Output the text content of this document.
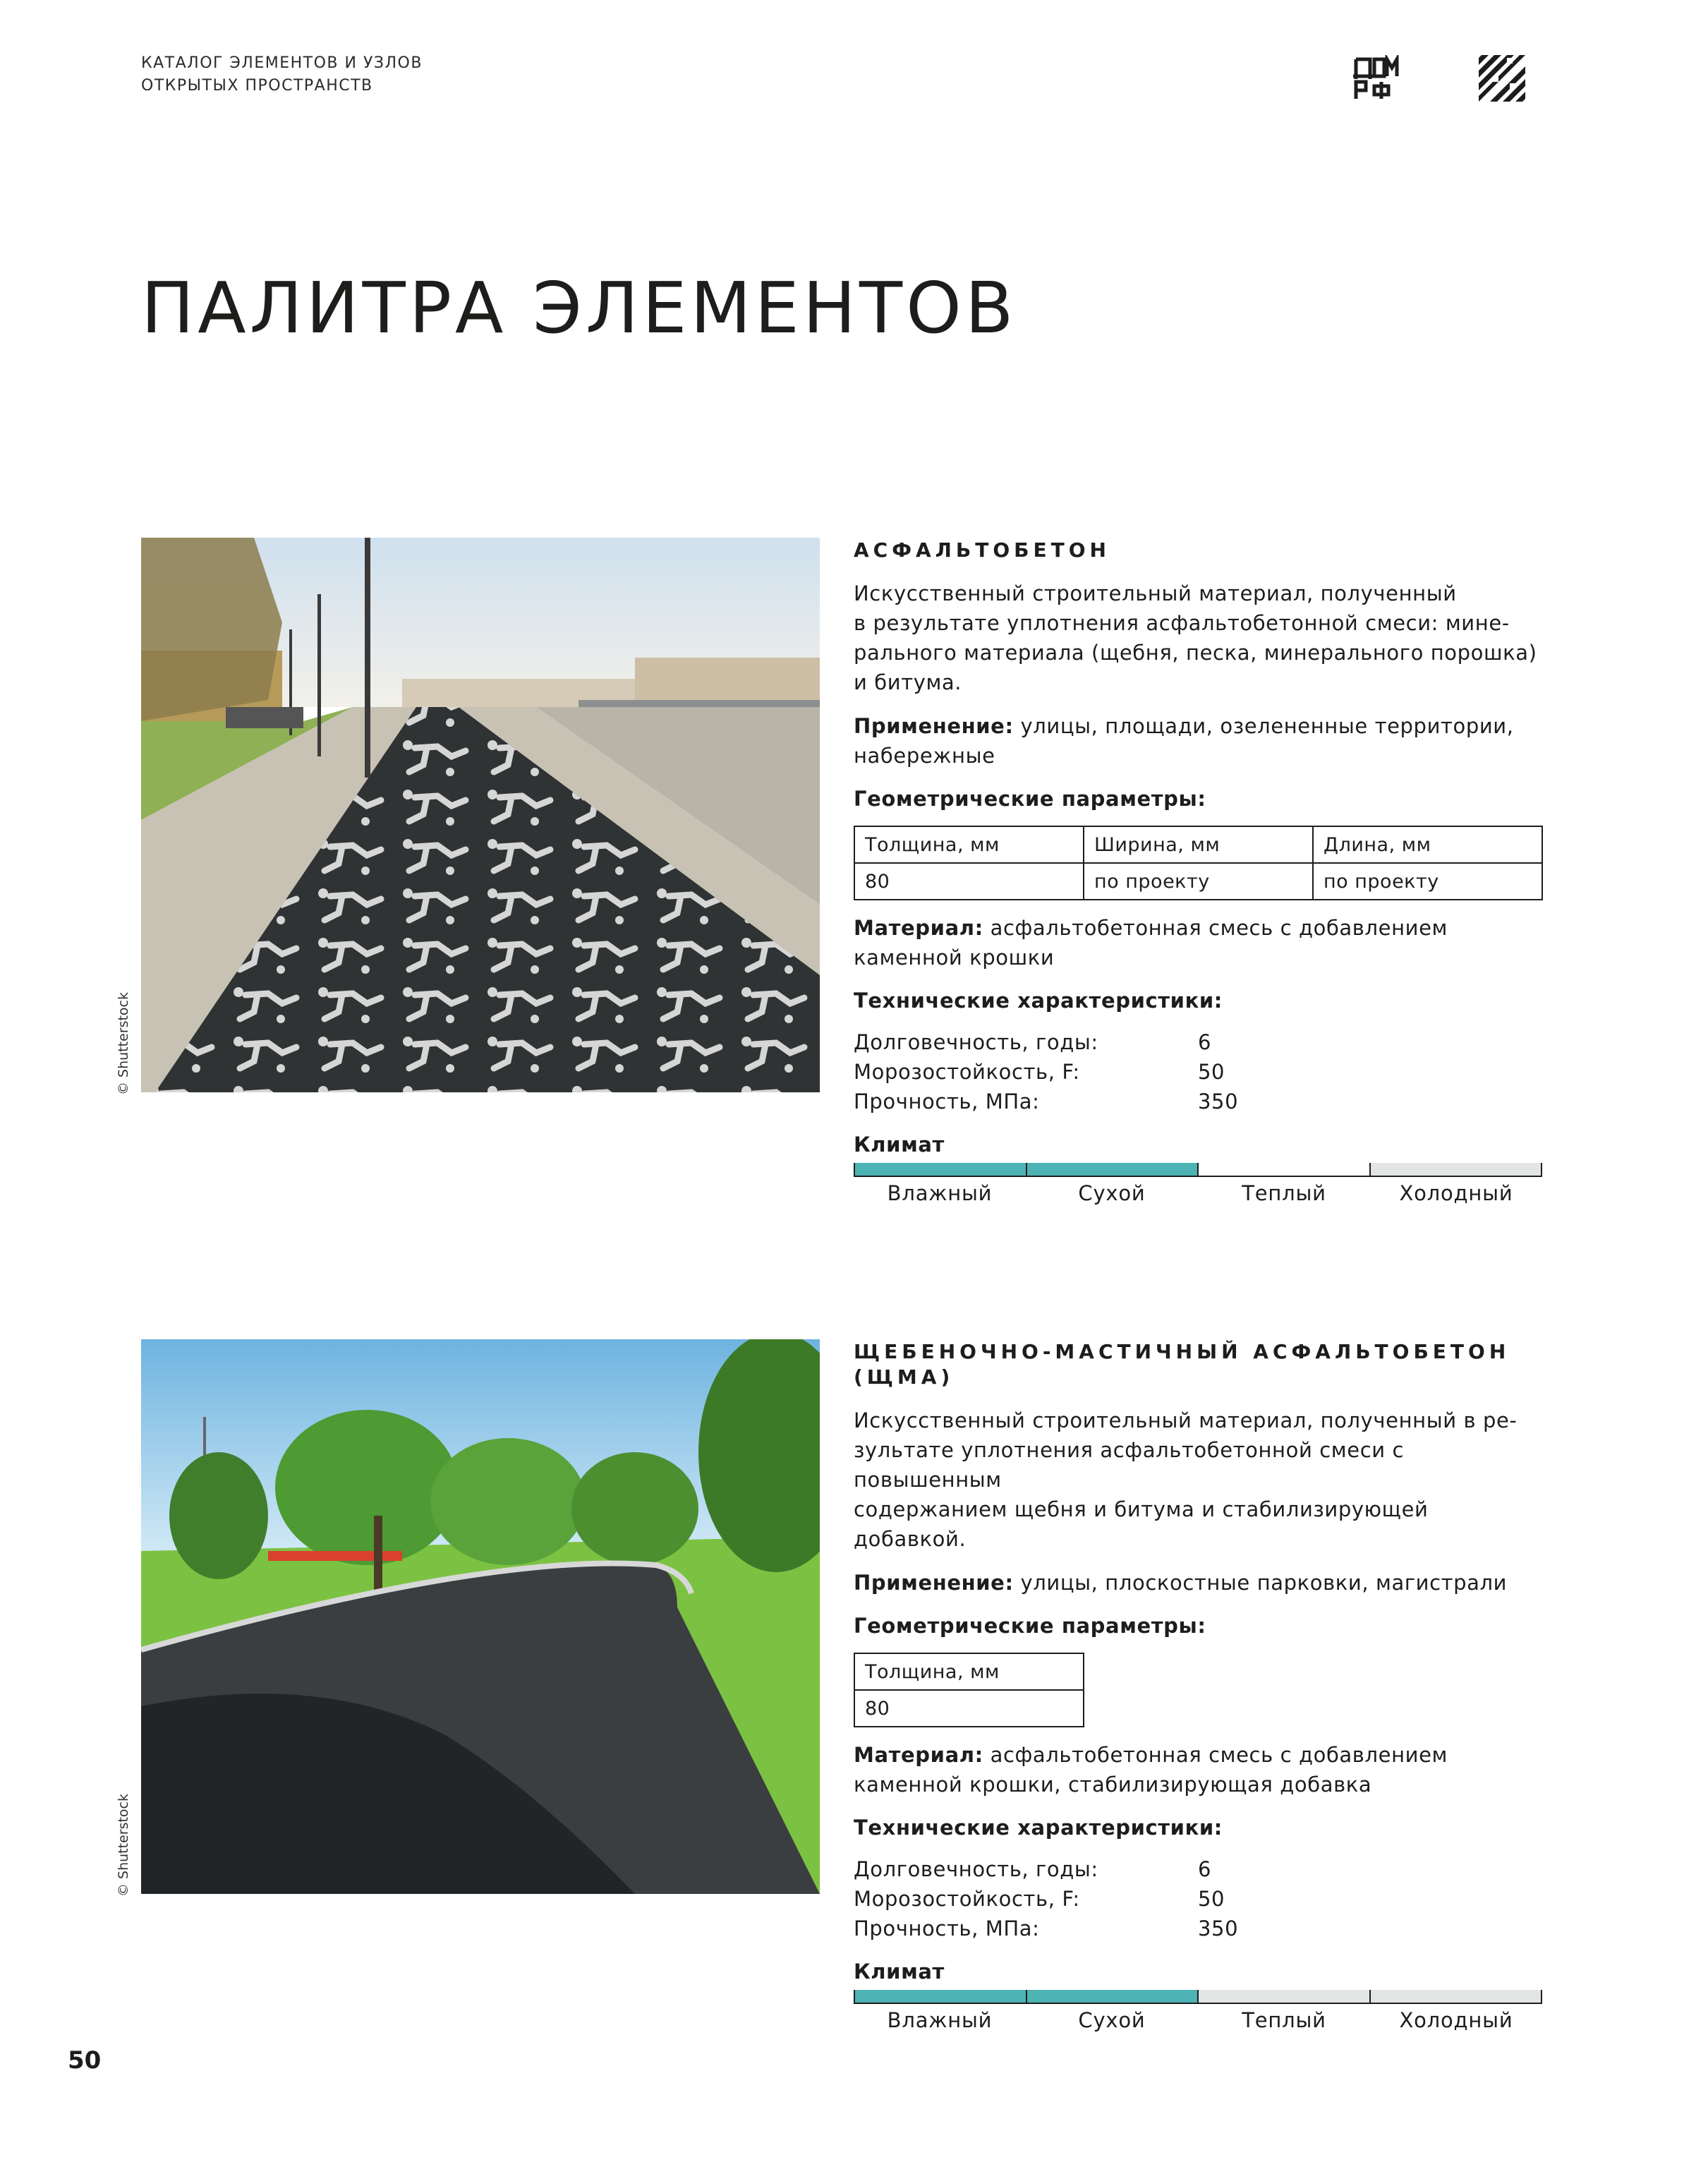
КАТАЛОГ ЭЛЕМЕНТОВ И УЗЛОВ
ОТКРЫТЫХ ПРОСТРАНСТВ
ПАЛИТРА ЭЛЕМЕНТОВ
© Shutterstock
АСФАЛЬТОБЕТОН

Искусственный строительный материал, полученный
в результате уплотнения асфальтобетонной смеси: мине-
рального материала (щебня, песка, минерального порошка)
и битума.

Применение: улицы, площади, озелененные территории,
набережные

Геометрические параметры:
Толщина, мм	Ширина, мм	Длина, мм
80	по проекту	по проекту

Материал: асфальтобетонная смесь с добавлением
каменной крошки

Технические характеристики:
Долговечность, годы:	6
Морозостойкость, F:	50
Прочность, МПа:	350
Климат
Влажный	Сухой	Теплый	Холодный
© Shutterstock
ЩЕБЕНОЧНО-МАСТИЧНЫЙ АСФАЛЬТОБЕТОН (ЩМА)

Искусственный строительный материал, полученный в ре-
зультате уплотнения асфальтобетонной смеси с повышенным
содержанием щебня и битума и стабилизирующей добавкой.

Применение: улицы, плоскостные парковки, магистрали

Геометрические параметры:
Толщина, мм
80

Материал: асфальтобетонная смесь с добавлением
каменной крошки, стабилизирующая добавка

Технические характеристики:
Долговечность, годы:	6
Морозостойкость, F:	50
Прочность, МПа:	350
Климат
Влажный	Сухой	Теплый	Холодный
50
